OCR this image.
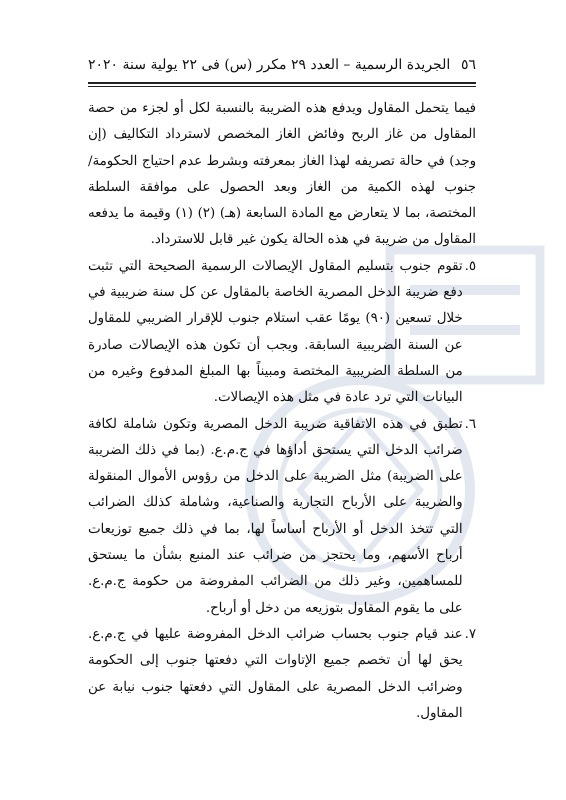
٥٦
الجريدة الرسمية – العدد ٢٩ مكرر (س) فى ٢٢ يولية سنة ٢٠٢٠

فيما يتحمل المقاول ويدفع هذه الضريبة بالنسبة لكل أو لجزء من حصة المقاول من غاز الربح وفائض الغاز المخصص لاسترداد التكاليف (إن وجد) في حالة تصريفه لهذا الغاز بمعرفته وبشرط عدم احتياج الحكومة/جنوب لهذه الكمية من الغاز وبعد الحصول على موافقة السلطة المختصة، بما لا يتعارض مع المادة السابعة (هـ) (٢) (١) وقيمة ما يدفعه المقاول من ضريبة في هذه الحالة يكون غير قابل للاسترداد.

٥.
تقوم جنوب بتسليم المقاول الإيصالات الرسمية الصحيحة التي تثبت دفع ضريبة الدخل المصرية الخاصة بالمقاول عن كل سنة ضريبية في خلال تسعين (٩٠) يومًا عقب استلام جنوب للإقرار الضريبي للمقاول عن السنة الضريبية السابقة. ويجب أن تكون هذه الإيصالات صادرة من السلطة الضريبية المختصة ومبيناً بها المبلغ المدفوع وغيره من البيانات التي ترد عادة في مثل هذه الإيصالات.
٦.
تطبق في هذه الاتفاقية ضريبة الدخل المصرية وتكون شاملة لكافة ضرائب الدخل التي يستحق أداؤها في ج.م.ع. (بما في ذلك الضريبة على الضريبة) مثل الضريبة على الدخل من رؤوس الأموال المنقولة والضريبة على الأرباح التجارية والصناعية، وشاملة كذلك الضرائب التي تتخذ الدخل أو الأرباح أساساً لها، بما في ذلك جميع توزيعات أرباح الأسهم، وما يحتجز من ضرائب عند المنبع بشأن ما يستحق للمساهمين، وغير ذلك من الضرائب المفروضة من حكومة ج.م.ع. على ما يقوم المقاول بتوزيعه من دخل أو أرباح.
٧.
عند قيام جنوب بحساب ضرائب الدخل المفروضة عليها في ج.م.ع. يحق لها أن تخصم جميع الإتاوات التي دفعتها جنوب إلى الحكومة وضرائب الدخل المصرية على المقاول التي دفعتها جنوب نيابة عن المقاول.
